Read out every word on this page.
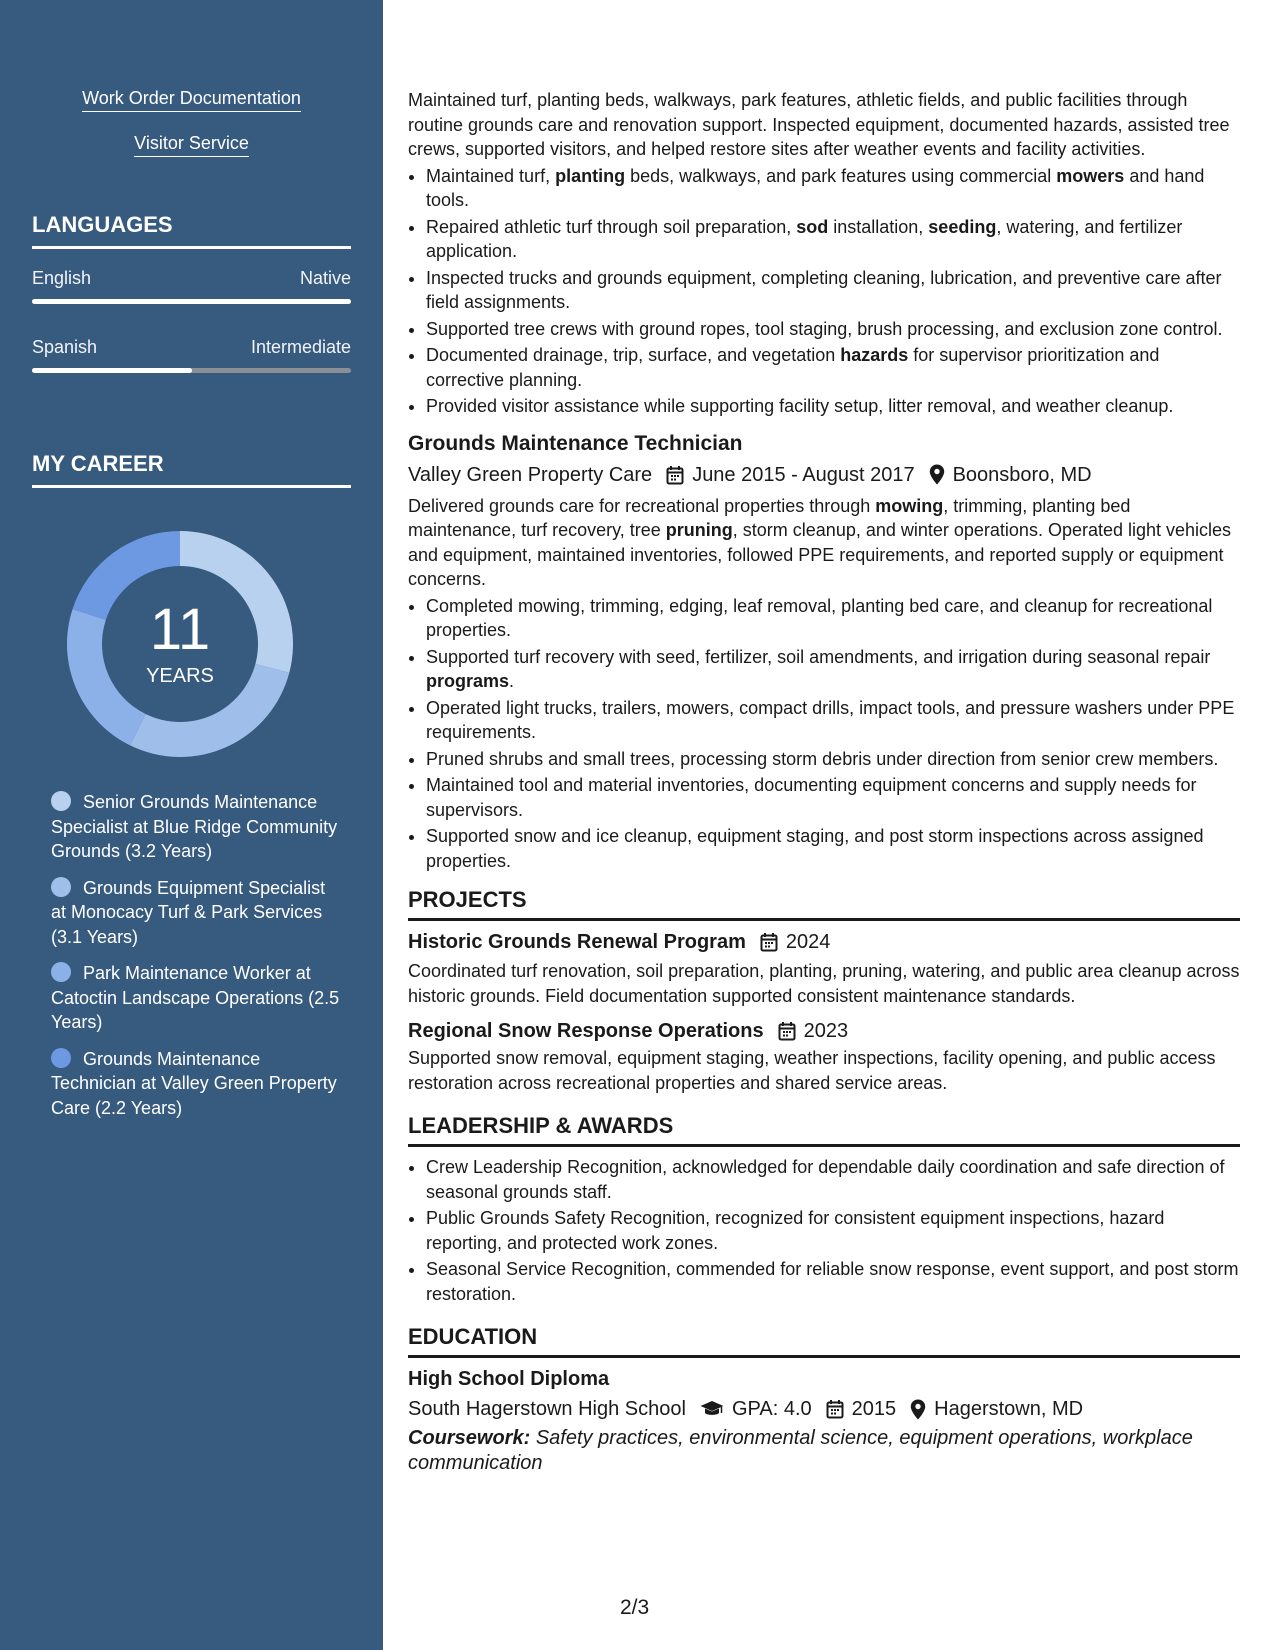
Work Order Documentation
Visitor Service
LANGUAGES
English	Native
Spanish	Intermediate
MY CAREER
11
YEARS
Senior Grounds Maintenance Specialist at Blue Ridge Community Grounds (3.2 Years)
Grounds Equipment Specialist at Monocacy Turf & Park Services (3.1 Years)
Park Maintenance Worker at Catoctin Landscape Operations (2.5 Years)
Grounds Maintenance Technician at Valley Green Property Care (2.2 Years)

Maintained turf, planting beds, walkways, park features, athletic fields, and public facilities through routine grounds care and renovation support. Inspected equipment, documented hazards, assisted tree crews, supported visitors, and helped restore sites after weather events and facility activities.

• Maintained turf, planting beds, walkways, and park features using commercial mowers and hand tools.
• Repaired athletic turf through soil preparation, sod installation, seeding, watering, and fertilizer application.
• Inspected trucks and grounds equipment, completing cleaning, lubrication, and preventive care after field assignments.
• Supported tree crews with ground ropes, tool staging, brush processing, and exclusion zone control.
• Documented drainage, trip, surface, and vegetation hazards for supervisor prioritization and corrective planning.
• Provided visitor assistance while supporting facility setup, litter removal, and weather cleanup.
Grounds Maintenance Technician
Valley Green Property Care June 2015 - August 2017 Boonsboro, MD

Delivered grounds care for recreational properties through mowing, trimming, planting bed maintenance, turf recovery, tree pruning, storm cleanup, and winter operations. Operated light vehicles and equipment, maintained inventories, followed PPE requirements, and reported supply or equipment concerns.

• Completed mowing, trimming, edging, leaf removal, planting bed care, and cleanup for recreational properties.
• Supported turf recovery with seed, fertilizer, soil amendments, and irrigation during seasonal repair programs.
• Operated light trucks, trailers, mowers, compact drills, impact tools, and pressure washers under PPE requirements.
• Pruned shrubs and small trees, processing storm debris under direction from senior crew members.
• Maintained tool and material inventories, documenting equipment concerns and supply needs for supervisors.
• Supported snow and ice cleanup, equipment staging, and post storm inspections across assigned properties.
PROJECTS
Historic Grounds Renewal Program 2024

Coordinated turf renovation, soil preparation, planting, pruning, watering, and public area cleanup across historic grounds. Field documentation supported consistent maintenance standards.

Regional Snow Response Operations 2023

Supported snow removal, equipment staging, weather inspections, facility opening, and public access restoration across recreational properties and shared service areas.

LEADERSHIP & AWARDS
• Crew Leadership Recognition, acknowledged for dependable daily coordination and safe direction of seasonal grounds staff.
• Public Grounds Safety Recognition, recognized for consistent equipment inspections, hazard reporting, and protected work zones.
• Seasonal Service Recognition, commended for reliable snow response, event support, and post storm restoration.
EDUCATION
High School Diploma
South Hagerstown High School GPA: 4.0 2015 Hagerstown, MD
Coursework: Safety practices, environmental science, equipment operations, workplace communication
2/3
